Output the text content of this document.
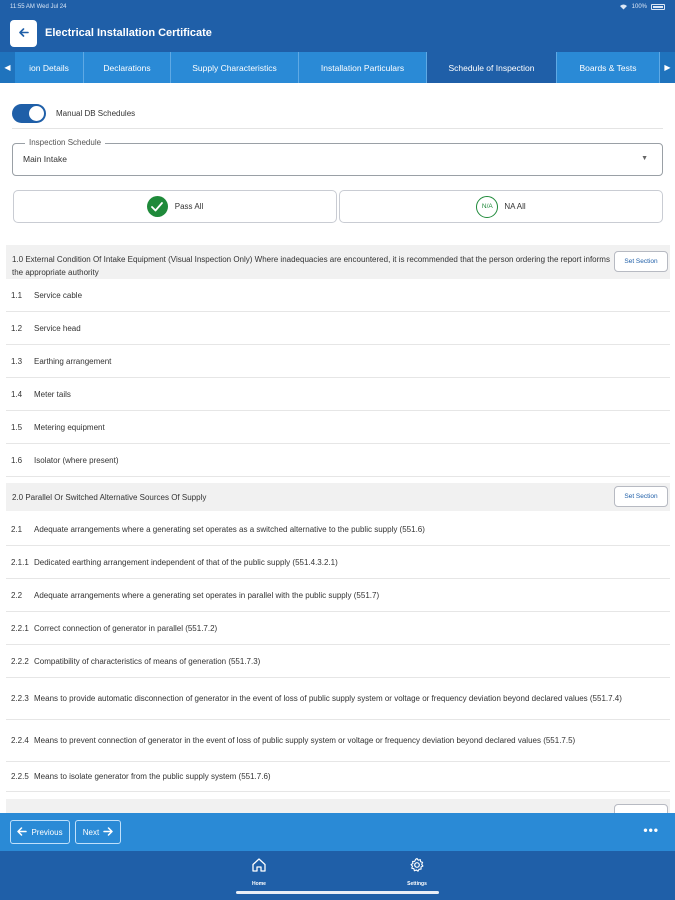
11:55 AM Wed Jul 24	100%
Electrical Installation Certificate
◀	ion Details	Declarations	Supply Characteristics	Installation Particulars	Schedule of Inspection	Boards & Tests	▶
Manual DB Schedules
Inspection Schedule
Main Intake	▼
Pass All	N/A	NA All
1.0 External Condition Of Intake Equipment (Visual Inspection Only) Where inadequacies are encountered, it is recommended that the person ordering the report informs the appropriate authority
Set Section
1.1	Service cable
1.2	Service head
1.3	Earthing arrangement
1.4	Meter tails
1.5	Metering equipment
1.6	Isolator (where present)
2.0 Parallel Or Switched Alternative Sources Of Supply	Set Section
2.1	Adequate arrangements where a generating set operates as a switched alternative to the public supply (551.6)
2.1.1 Dedicated earthing arrangement independent of that of the public supply (551.4.3.2.1)
2.2	Adequate arrangements where a generating set operates in parallel with the public supply (551.7)
2.2.1 Correct connection of generator in parallel (551.7.2)
2.2.2 Compatibility of characteristics of means of generation (551.7.3)
2.2.3 Means to provide automatic disconnection of generator in the event of loss of public supply system or voltage or frequency deviation beyond declared values (551.7.4)
2.2.4 Means to prevent connection of generator in the event of loss of public supply system or voltage or frequency deviation beyond declared values (551.7.5)
2.2.5 Means to isolate generator from the public supply system (551.7.6)
Previous	Next	•••
Home	Settings
